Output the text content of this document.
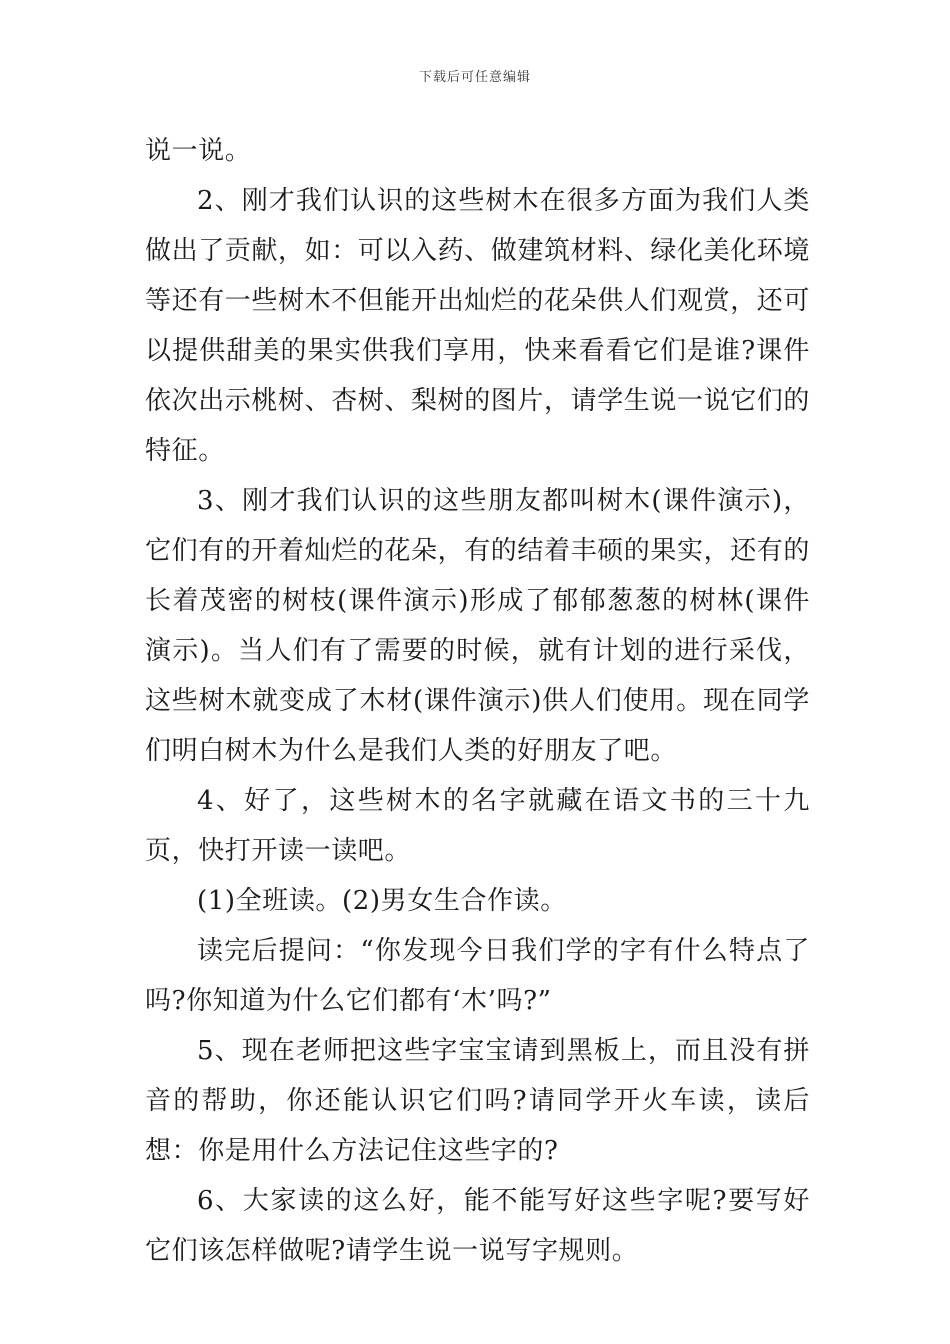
下载后可任意编辑

说一说。

2、刚才我们认识的这些树木在很多方面为我们人类做出了贡献，如：可以入药、做建筑材料、绿化美化环境等还有一些树木不但能开出灿烂的花朵供人们观赏，还可以提供甜美的果实供我们享用，快来看看它们是谁?课件依次出示桃树、杏树、梨树的图片，请学生说一说它们的特征。

3、刚才我们认识的这些朋友都叫树木(课件演示)，它们有的开着灿烂的花朵，有的结着丰硕的果实，还有的长着茂密的树枝(课件演示)形成了郁郁葱葱的树林(课件演示)。当人们有了需要的时候，就有计划的进行采伐，这些树木就变成了木材(课件演示)供人们使用。现在同学们明白树木为什么是我们人类的好朋友了吧。

4、好了，这些树木的名字就藏在语文书的三十九页，快打开读一读吧。

(1)全班读。(2)男女生合作读。

读完后提问：“你发现今日我们学的字有什么特点了吗?你知道为什么它们都有‘木’吗?”

5、现在老师把这些字宝宝请到黑板上，而且没有拼音的帮助，你还能认识它们吗?请同学开火车读，读后想：你是用什么方法记住这些字的?

6、大家读的这么好，能不能写好这些字呢?要写好它们该怎样做呢?请学生说一说写字规则。
